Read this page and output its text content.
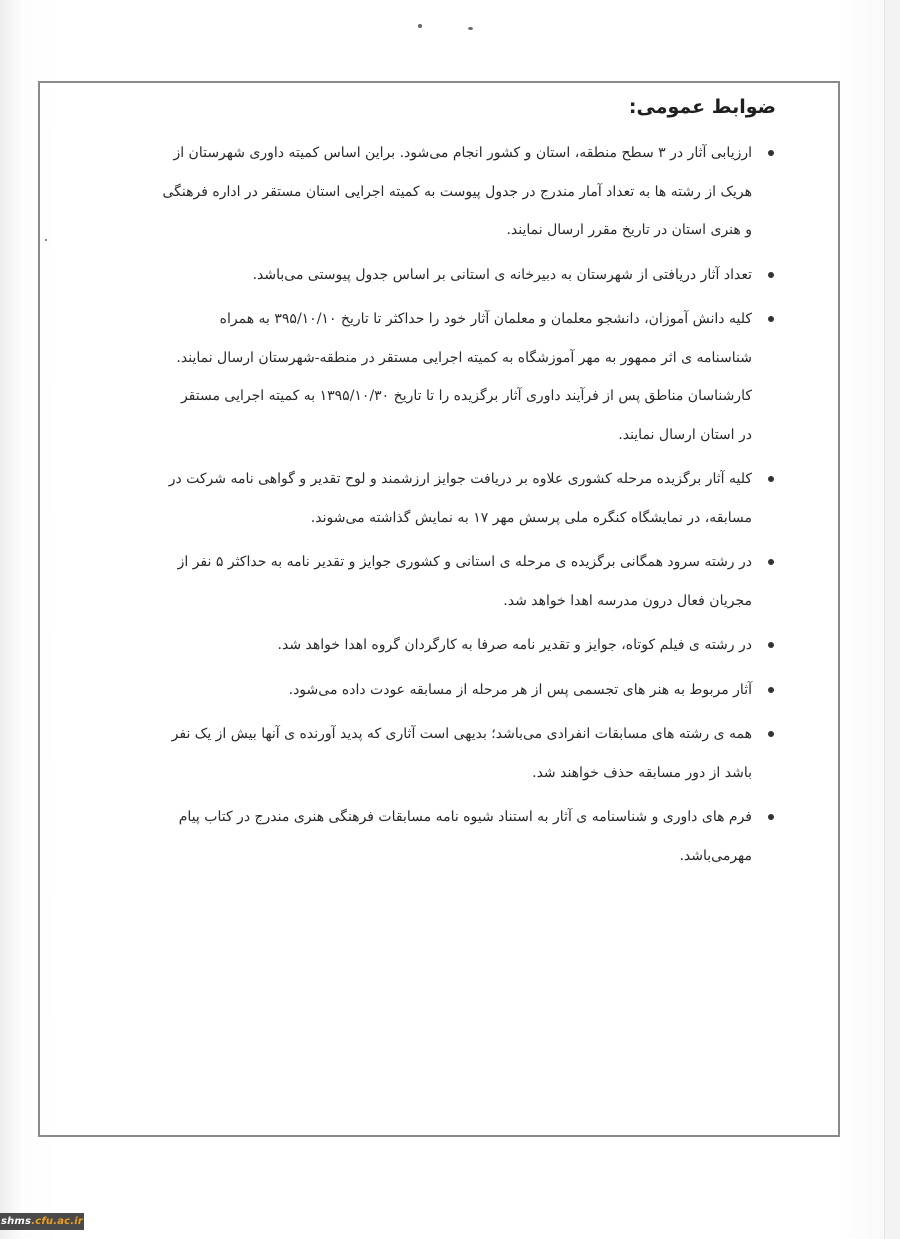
ضوابط عمومی:
ارزیابی آثار در ۳ سطح منطقه، استان و کشور انجام می‌شود. براین اساس کمیته داوری شهرستان از
هریک از رشته ها به تعداد آمار مندرج در جدول پیوست به کمیته اجرایی استان مستقر در اداره فرهنگی
و هنری استان در تاریخ مقرر ارسال نمایند.
تعداد آثار دریافتی از شهرستان به دبیرخانه ی استانی بر اساس جدول پیوستی می‌باشد.
کلیه دانش آموزان، دانشجو معلمان و معلمان آثار خود را حداکثر تا تاریخ ۳۹۵/۱۰/۱۰ به همراه
شناسنامه ی اثر ممهور به مهر آموزشگاه به کمیته اجرایی مستقر در منطقه-شهرستان ارسال نمایند.
کارشناسان مناطق پس از فرآیند داوری آثار برگزیده را تا تاریخ ۱۳۹۵/۱۰/۳۰ به کمیته اجرایی مستقر
در استان ارسال نمایند.
کلیه آثار برگزیده مرحله کشوری علاوه بر دریافت جوایز ارزشمند و لوح تقدیر و گواهی نامه شرکت در
مسابقه، در نمایشگاه کنگره ملی پرسش مهر ۱۷ به نمایش گذاشته می‌شوند.
در رشته سرود همگانی برگزیده ی مرحله ی استانی و کشوری جوایز و تقدیر نامه به حداکثر ۵ نفر از
مجریان فعال درون مدرسه اهدا خواهد شد.
در رشته ی فیلم کوتاه، جوایز و تقدیر نامه صرفا به کارگردان گروه اهدا خواهد شد.
آثار مربوط به هنر های تجسمی پس از هر مرحله از مسابقه عودت داده می‌شود.
همه ی رشته های مسابقات انفرادی می‌باشد؛ بدیهی است آثاری که پدید آورنده ی آنها بیش از یک نفر
باشد از دور مسابقه حذف خواهند شد.
فرم های داوری و شناسنامه ی آثار به استناد شیوه نامه مسابقات فرهنگی هنری مندرج در کتاب پیام
مهرمی‌باشد.
shms.cfu.ac.ir
